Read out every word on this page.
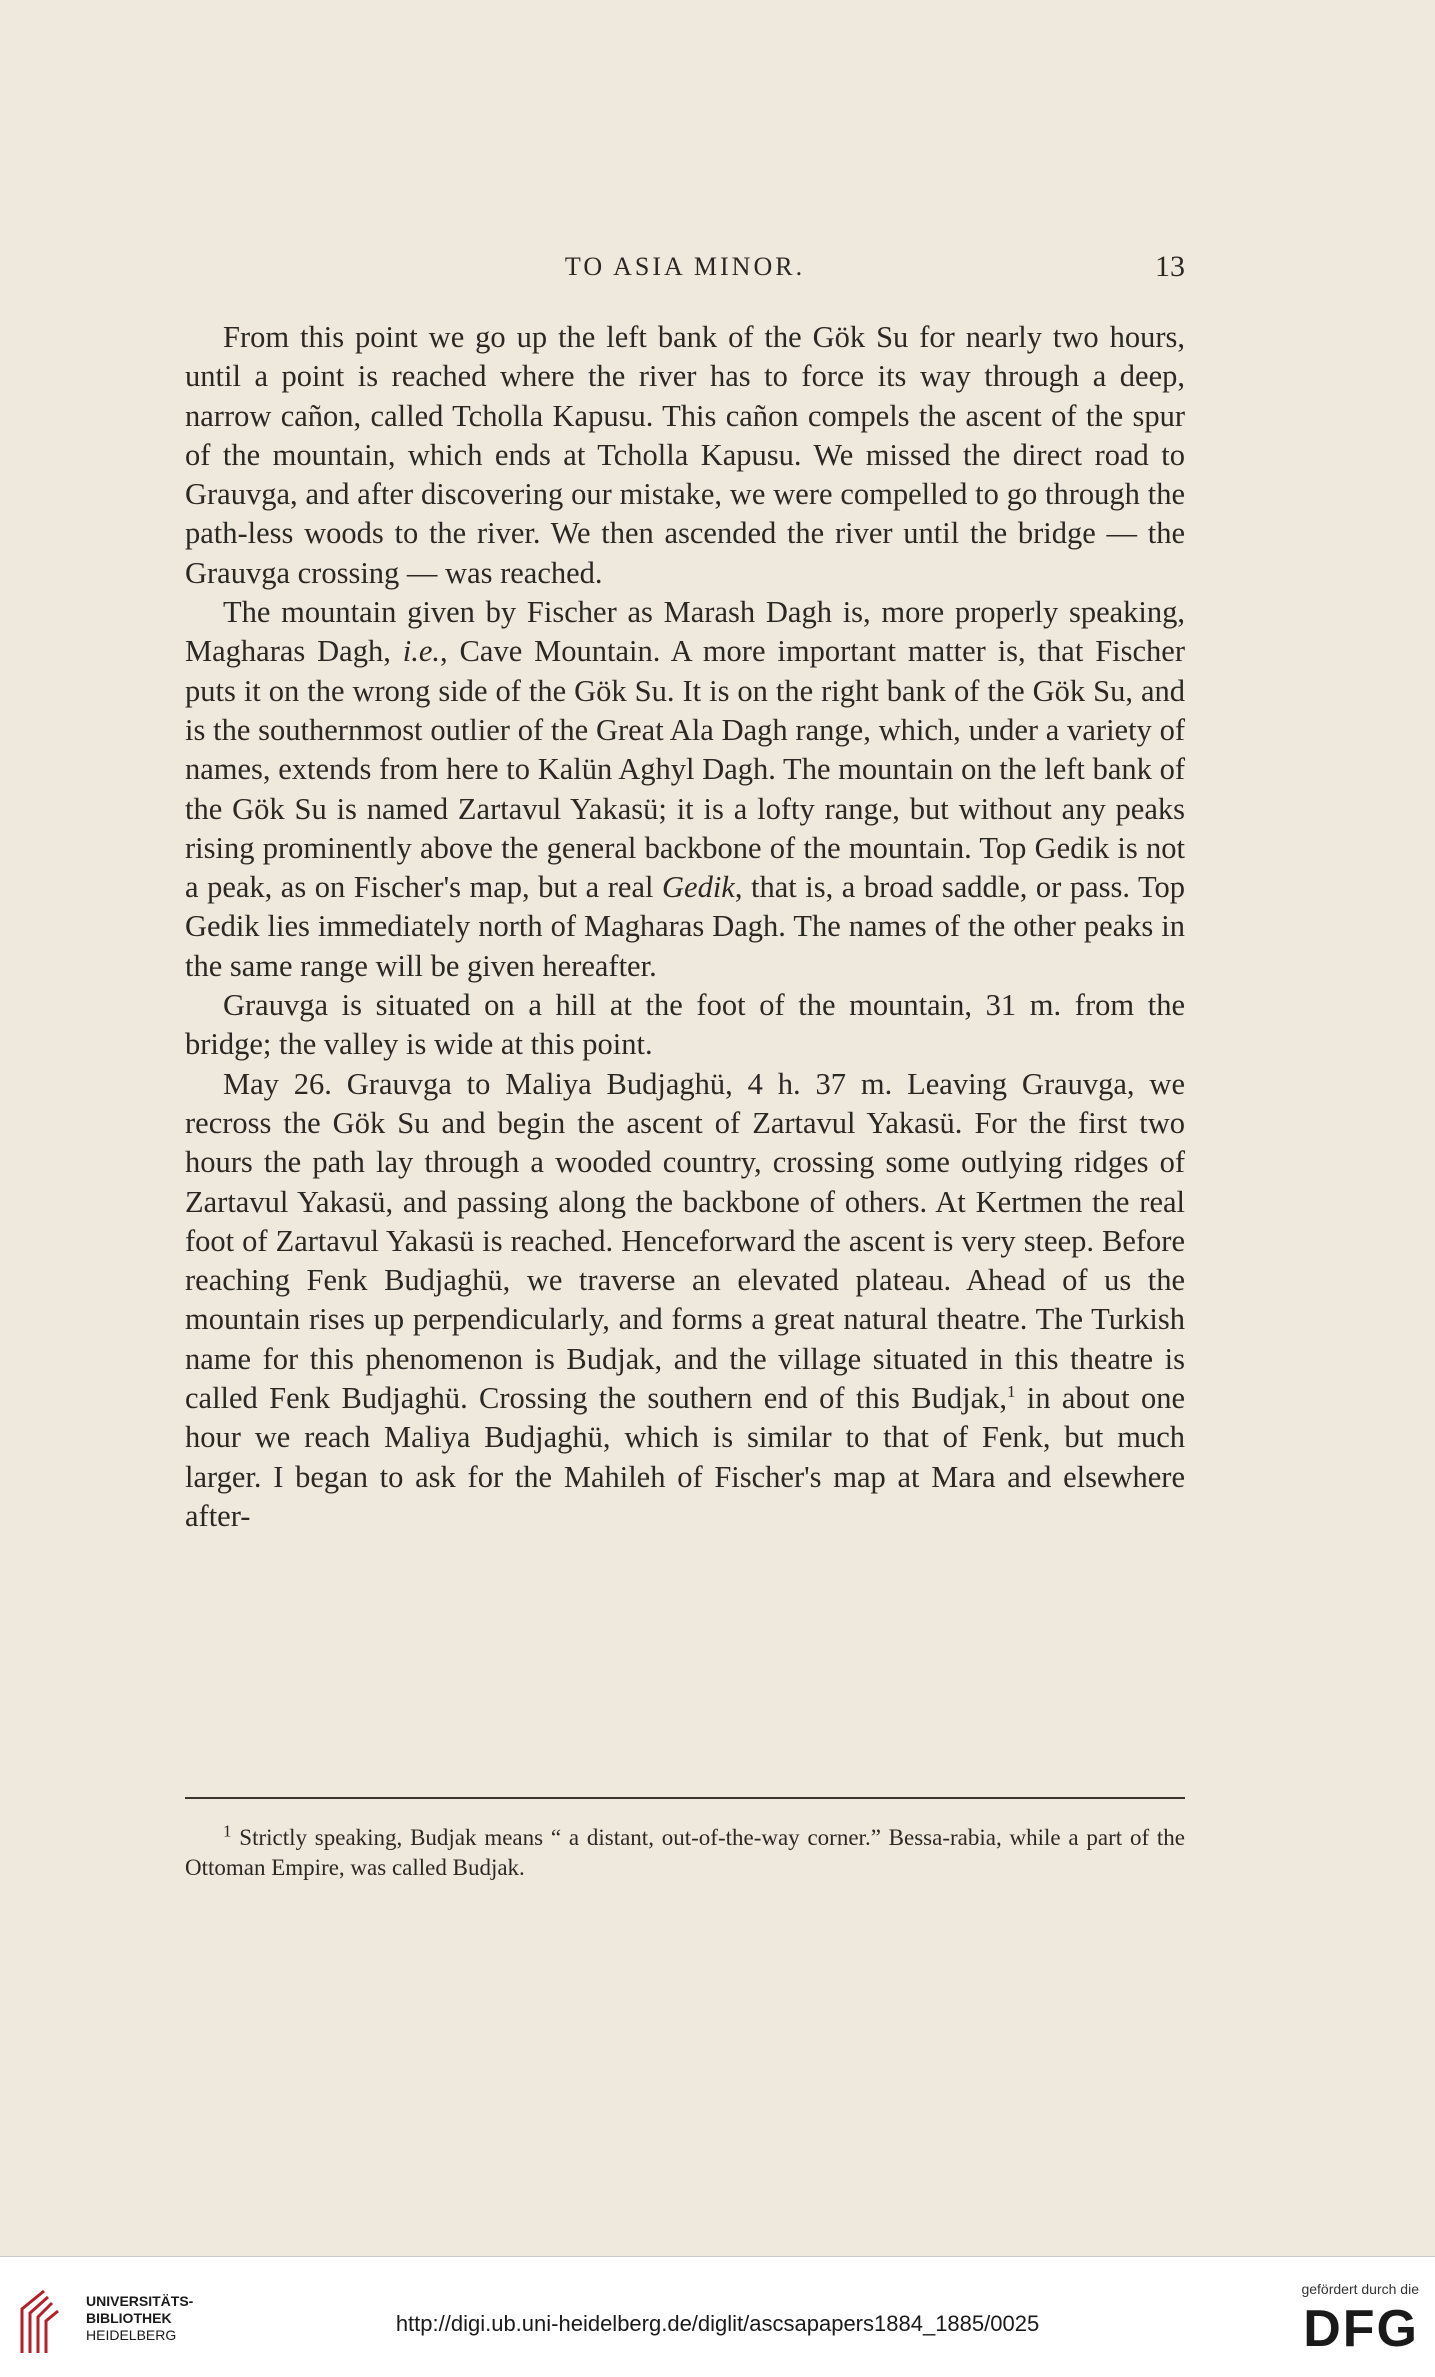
TO ASIA MINOR.	13

From this point we go up the left bank of the Gök Su for nearly two hours, until a point is reached where the river has to force its way through a deep, narrow cañon, called Tcholla Kapusu. This cañon compels the ascent of the spur of the mountain, which ends at Tcholla Kapusu. We missed the direct road to Grauvga, and after discovering our mistake, we were compelled to go through the path-less woods to the river. We then ascended the river until the bridge — the Grauvga crossing — was reached.

The mountain given by Fischer as Marash Dagh is, more properly speaking, Magharas Dagh, i.e., Cave Mountain. A more important matter is, that Fischer puts it on the wrong side of the Gök Su. It is on the right bank of the Gök Su, and is the southernmost outlier of the Great Ala Dagh range, which, under a variety of names, extends from here to Kalün Aghyl Dagh. The mountain on the left bank of the Gök Su is named Zartavul Yakasü; it is a lofty range, but without any peaks rising prominently above the general backbone of the mountain. Top Gedik is not a peak, as on Fischer's map, but a real Gedik, that is, a broad saddle, or pass. Top Gedik lies immediately north of Magharas Dagh. The names of the other peaks in the same range will be given hereafter.

Grauvga is situated on a hill at the foot of the mountain, 31 m. from the bridge; the valley is wide at this point.

May 26. Grauvga to Maliya Budjaghü, 4 h. 37 m. Leaving Grauvga, we recross the Gök Su and begin the ascent of Zartavul Yakasü. For the first two hours the path lay through a wooded country, crossing some outlying ridges of Zartavul Yakasü, and passing along the backbone of others. At Kertmen the real foot of Zartavul Yakasü is reached. Henceforward the ascent is very steep. Before reaching Fenk Budjaghü, we traverse an elevated plateau. Ahead of us the mountain rises up perpendicularly, and forms a great natural theatre. The Turkish name for this phenomenon is Budjak, and the village situated in this theatre is called Fenk Budjaghü. Crossing the southern end of this Budjak,$^1$ in about one hour we reach Maliya Budjaghü, which is similar to that of Fenk, but much larger. I began to ask for the Mahileh of Fischer's map at Mara and elsewhere after-

$^1$ Strictly speaking, Budjak means “ a distant, out-of-the-way corner.” Bessa-rabia, while a part of the Ottoman Empire, was called Budjak.

UNIVERSITÄTS-
BIBLIOTHEK
HEIDELBERG	http://digi.ub.uni-heidelberg.de/diglit/ascsapapers1884_1885/0025
gefördert durch die
DFG
